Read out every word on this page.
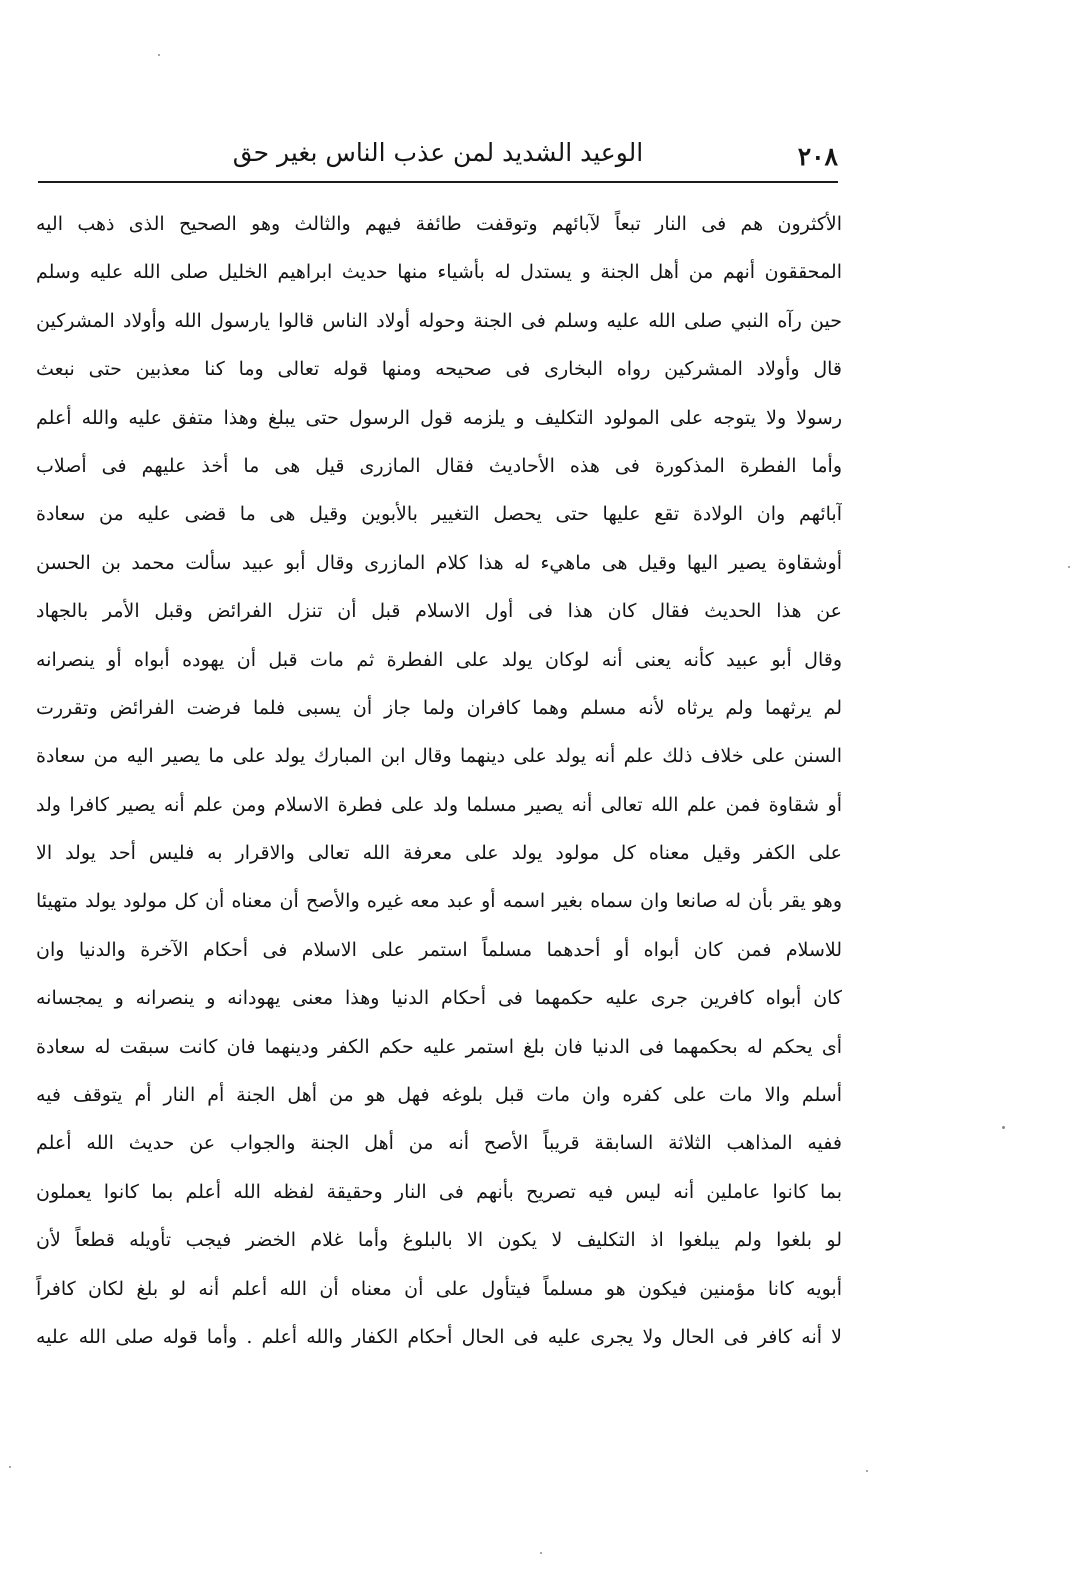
٢٠٨
الوعيد الشديد لمن عذب الناس بغير حق
الأكثرون هم فى النار تبعاً لآبائهم وتوقفت طائفة فيهم والثالث وهو الصحيح الذى ذهب اليه
المحققون أنهم من أهل الجنة و يستدل له بأشياء منها حديث ابراهيم الخليل صلى الله عليه وسلم
حين رآه النبي صلى الله عليه وسلم فى الجنة وحوله أولاد الناس قالوا يارسول الله وأولاد المشركين
قال وأولاد المشركين رواه البخارى فى صحيحه ومنها قوله تعالى وما كنا معذبين حتى نبعث
رسولا ولا يتوجه على المولود التكليف و يلزمه قول الرسول حتى يبلغ وهذا متفق عليه والله أعلم
وأما الفطرة المذكورة فى هذه الأحاديث فقال المازرى قيل هى ما أخذ عليهم فى أصلاب
آبائهم وان الولادة تقع عليها حتى يحصل التغيير بالأبوين وقيل هى ما قضى عليه من سعادة
أوشقاوة يصير اليها وقيل هى ماهيء له هذا كلام المازرى وقال أبو عبيد سألت محمد بن الحسن
عن هذا الحديث فقال كان هذا فى أول الاسلام قبل أن تنزل الفرائض وقبل الأمر بالجهاد
وقال أبو عبيد كأنه يعنى أنه لوكان يولد على الفطرة ثم مات قبل أن يهوده أبواه أو ينصرانه
لم يرثهما ولم يرثاه لأنه مسلم وهما كافران ولما جاز أن يسبى فلما فرضت الفرائض وتقررت
السنن على خلاف ذلك علم أنه يولد على دينهما وقال ابن المبارك يولد على ما يصير اليه من سعادة
أو شقاوة فمن علم الله تعالى أنه يصير مسلما ولد على فطرة الاسلام ومن علم أنه يصير كافرا ولد
على الكفر وقيل معناه كل مولود يولد على معرفة الله تعالى والاقرار به فليس أحد يولد الا
وهو يقر بأن له صانعا وان سماه بغير اسمه أو عبد معه غيره والأصح أن معناه أن كل مولود يولد متهيئا
للاسلام فمن كان أبواه أو أحدهما مسلماً استمر على الاسلام فى أحكام الآخرة والدنيا وان
كان أبواه كافرين جرى عليه حكمهما فى أحكام الدنيا وهذا معنى يهودانه و ينصرانه و يمجسانه
أى يحكم له بحكمهما فى الدنيا فان بلغ استمر عليه حكم الكفر ودينهما فان كانت سبقت له سعادة
أسلم والا مات على كفره وان مات قبل بلوغه فهل هو من أهل الجنة أم النار أم يتوقف فيه
ففيه المذاهب الثلاثة السابقة قريباً الأصح أنه من أهل الجنة والجواب عن حديث الله أعلم
بما كانوا عاملين أنه ليس فيه تصريح بأنهم فى النار وحقيقة لفظه الله أعلم بما كانوا يعملون
لو بلغوا ولم يبلغوا اذ التكليف لا يكون الا بالبلوغ وأما غلام الخضر فيجب تأويله قطعاً لأن
أبويه كانا مؤمنين فيكون هو مسلماً فيتأول على أن معناه أن الله أعلم أنه لو بلغ لكان كافراً
لا أنه كافر فى الحال ولا يجرى عليه فى الحال أحكام الكفار والله أعلم . وأما قوله صلى الله عليه
